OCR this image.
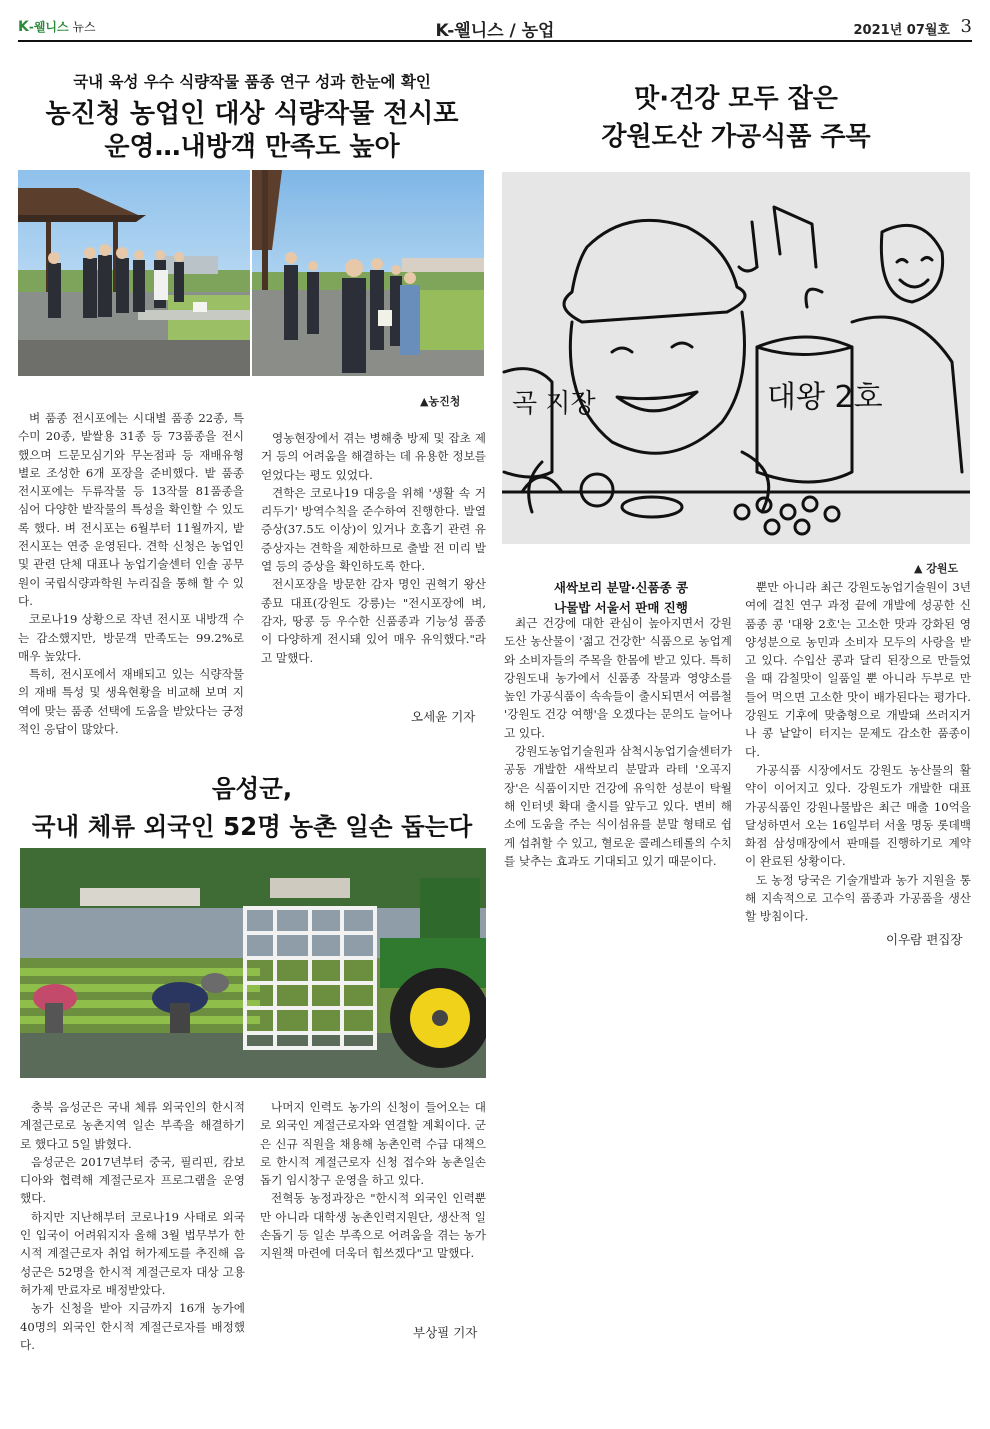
K-웰니스 뉴스	K-웰니스 / 농업	2021년 07월호 3
국내 육성 우수 식량작물 품종 연구 성과 한눈에 확인
농진청 농업인 대상 식량작물 전시포
운영…내방객 만족도 높아
▲농진청

벼 품종 전시포에는 시대별 품종 22종, 특수미 20종, 밭쌀용 31종 등 73품종을 전시했으며 드문모심기와 무논점파 등 재배유형별로 조성한 6개 포장을 준비했다. 밭 품종 전시포에는 두류작물 등 13작물 81품종을 심어 다양한 밭작물의 특성을 확인할 수 있도록 했다. 벼 전시포는 6월부터 11월까지, 밭 전시포는 연중 운영된다. 견학 신청은 농업인 및 관련 단체 대표나 농업기술센터 인솔 공무원이 국립식량과학원 누리집을 통해 할 수 있다.

코로나19 상황으로 작년 전시포 내방객 수는 감소했지만, 방문객 만족도는 99.2%로 매우 높았다.

특히, 전시포에서 재배되고 있는 식량작물의 재배 특성 및 생육현황을 비교해 보며 지역에 맞는 품종 선택에 도움을 받았다는 긍정적인 응답이 많았다.

영농현장에서 겪는 병해충 방제 및 잡초 제거 등의 어려움을 해결하는 데 유용한 정보를 얻었다는 평도 있었다.

견학은 코로나19 대응을 위해 '생활 속 거리두기' 방역수칙을 준수하여 진행한다. 발열 증상(37.5도 이상)이 있거나 호흡기 관련 유증상자는 견학을 제한하므로 출발 전 미리 발열 등의 증상을 확인하도록 한다.

전시포장을 방문한 감자 명인 권혁기 왕산종묘 대표(강원도 강릉)는 "전시포장에 벼, 감자, 땅콩 등 우수한 신품종과 기능성 품종이 다양하게 전시돼 있어 매우 유익했다."라고 말했다.

오세윤 기자
맛·건강 모두 잡은
강원도산 가공식품 주목
곡 지장	대왕 2호
▲ 강원도
새싹보리 분말·신품종 콩
나물밥 서울서 판매 진행

최근 건강에 대한 관심이 높아지면서 강원도산 농산물이 '젊고 건강한' 식품으로 농업계와 소비자들의 주목을 한몸에 받고 있다. 특히 강원도내 농가에서 신품종 작물과 영양소를 높인 가공식품이 속속들이 출시되면서 여름철 '강원도 건강 여행'을 오겠다는 문의도 늘어나고 있다.

강원도농업기술원과 삼척시농업기술센터가 공동 개발한 새싹보리 분말과 라테 '오곡지장'은 식품이지만 건강에 유익한 성분이 탁월해 인터넷 확대 출시를 앞두고 있다. 변비 해소에 도움을 주는 식이섬유를 분말 형태로 쉽게 섭취할 수 있고, 혈로운 콜레스테롤의 수치를 낮추는 효과도 기대되고 있기 때문이다.

뿐만 아니라 최근 강원도농업기술원이 3년여에 걸친 연구 과정 끝에 개발에 성공한 신품종 콩 '대왕 2호'는 고소한 맛과 강화된 영양성분으로 농민과 소비자 모두의 사랑을 받고 있다. 수입산 콩과 달리 된장으로 만들었을 때 감칠맛이 일품일 뿐 아니라 두부로 만들어 먹으면 고소한 맛이 배가된다는 평가다. 강원도 기후에 맞춤형으로 개발돼 쓰러지거나 콩 낱알이 터지는 문제도 감소한 품종이다.

가공식품 시장에서도 강원도 농산물의 활약이 이어지고 있다. 강원도가 개발한 대표 가공식품인 강원나물밥은 최근 매출 10억을 달성하면서 오는 16일부터 서울 명동 롯데백화점 삼성매장에서 판매를 진행하기로 계약이 완료된 상황이다.

도 농정 당국은 기술개발과 농가 지원을 통해 지속적으로 고수익 품종과 가공품을 생산할 방침이다.

이우람 편집장
음성군,
국내 체류 외국인 52명 농촌 일손 돕는다

충북 음성군은 국내 체류 외국인의 한시적 계절근로로 농촌지역 일손 부족을 해결하기로 했다고 5일 밝혔다.

음성군은 2017년부터 중국, 필리핀, 캄보디아와 협력해 계절근로자 프로그램을 운영했다.

하지만 지난해부터 코로나19 사태로 외국인 입국이 어려워지자 올해 3월 법무부가 한시적 계절근로자 취업 허가제도를 추진해 음성군은 52명을 한시적 계절근로자 대상 고용허가제 만료자로 배정받았다.

농가 신청을 받아 지금까지 16개 농가에 40명의 외국인 한시적 계절근로자를 배정했다.

나머지 인력도 농가의 신청이 들어오는 대로 외국인 계절근로자와 연결할 계획이다. 군은 신규 직원을 채용해 농촌인력 수급 대책으로 한시적 계절근로자 신청 접수와 농촌일손돕기 임시창구 운영을 하고 있다.

전혁동 농정과장은 "한시적 외국인 인력뿐만 아니라 대학생 농촌인력지원단, 생산적 일손돕기 등 일손 부족으로 어려움을 겪는 농가 지원책 마련에 더욱더 힘쓰겠다"고 말했다.

부상필 기자
